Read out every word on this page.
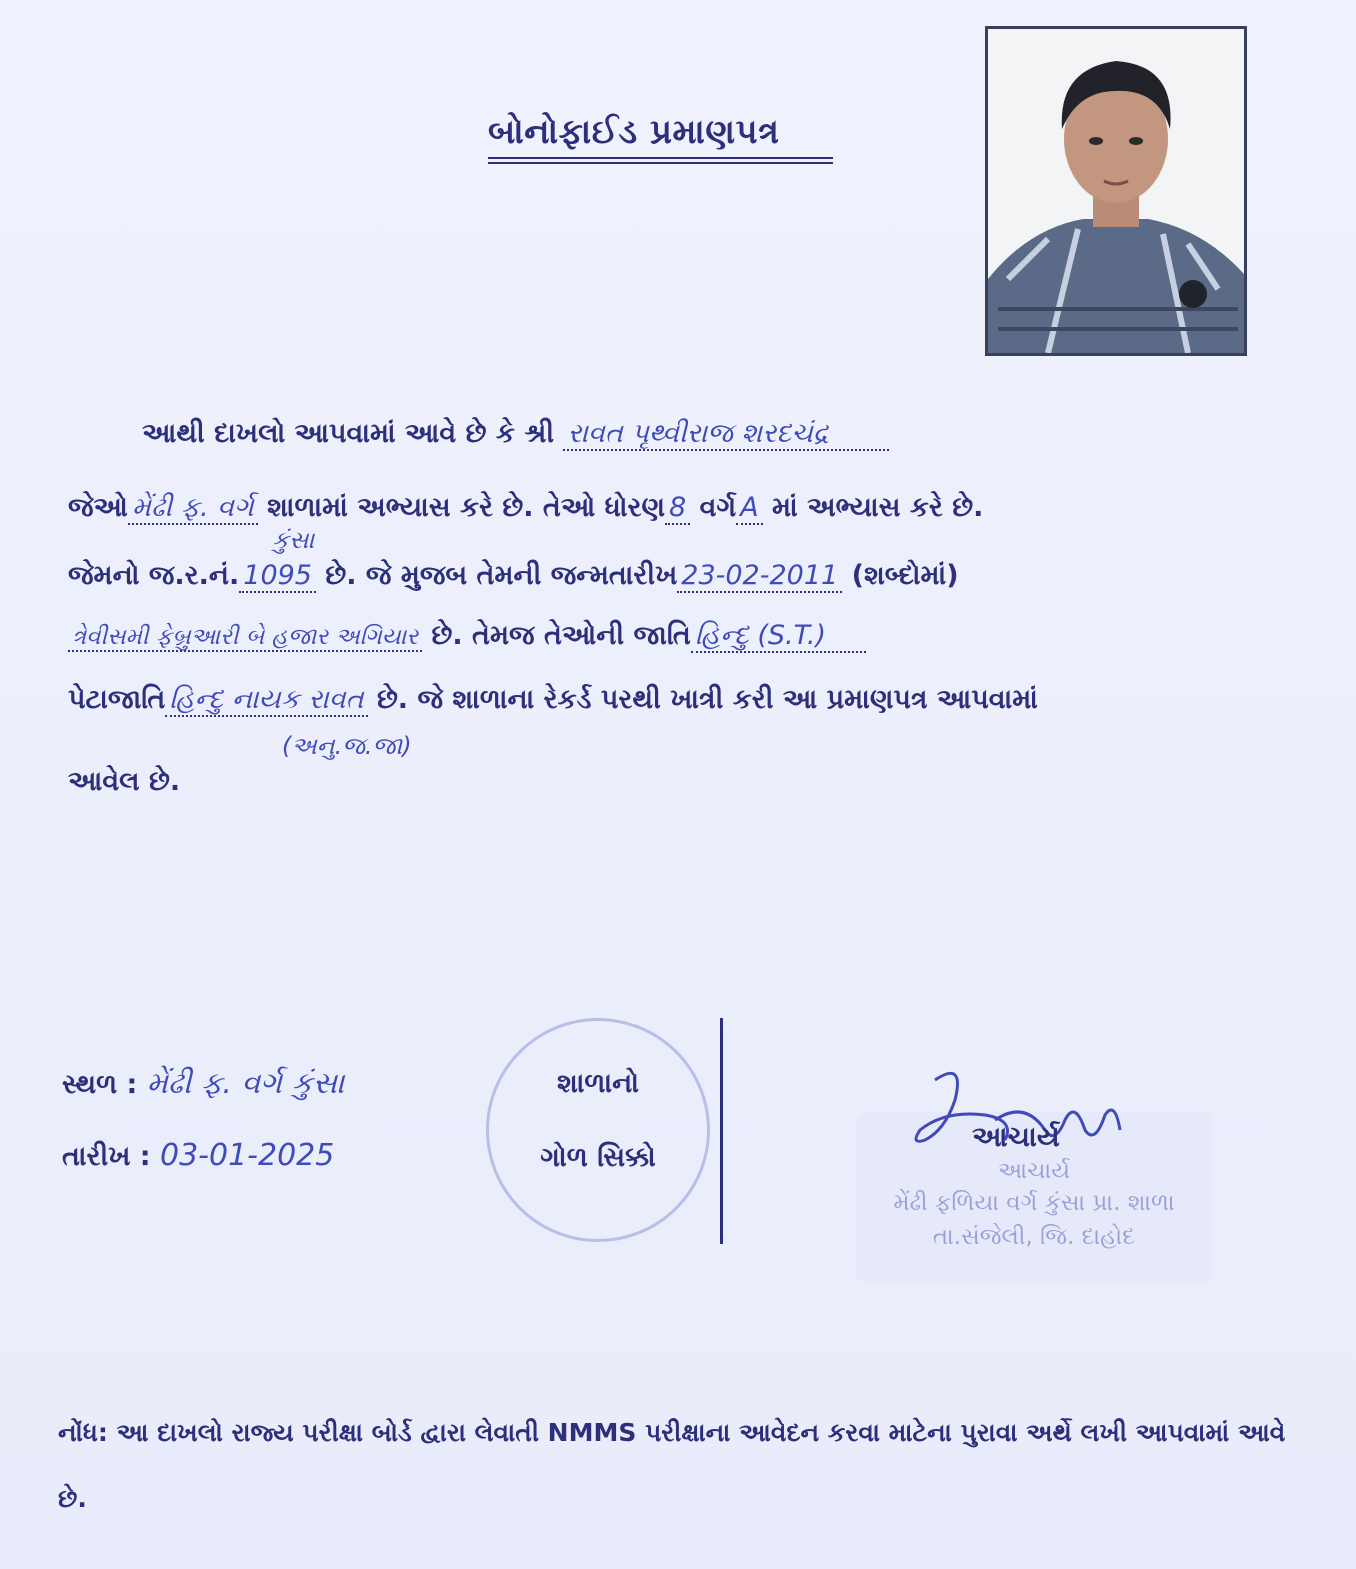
બોનોફાઈડ પ્રમાણપત્ર
આથી દાખલો આપવામાં આવે છે કે શ્રી રાવત પૃથ્વીરાજ શરદચંદ્ર
જેઓ મેંઢી ફ. વર્ગ શાળામાં અભ્યાસ કરે છે. તેઓ ધોરણ 8 વર્ગ A માં અભ્યાસ કરે છે.
કુંસા
જેમનો જ.ર.નં. 1095 છે. જે મુજબ તેમની જન્મતારીખ 23-02-2011 (શબ્દોમાં)
ત્રેવીસમી ફેબ્રુઆરી બે હજાર અગિયાર છે. તેમજ તેઓની જાતિ હિન્દુ (S.T.)
પેટાજાતિ હિન્દુ નાયક રાવત છે. જે શાળાના રેકર્ડ પરથી ખાત્રી કરી આ પ્રમાણપત્ર આપવામાં
(અનુ.જ.જા)
આવેલ છે.
સ્થળ : મેંઢી ફ. વર્ગ કુંસા
તારીખ : 03-01-2025
શાળાનો
ગોળ સિક્કો
આચાર્ય
આચાર્ય
મેંઢી ફળિયા વર્ગ કુંસા પ્રા. શાળા
તા.સંજેલી, જિ. દાહોદ
નોંધ: આ દાખલો રાજ્ય પરીક્ષા બોર્ડ દ્વારા લેવાતી NMMS પરીક્ષાના આવેદન કરવા માટેના પુરાવા અર્થે લખી આપવામાં આવે છે.
